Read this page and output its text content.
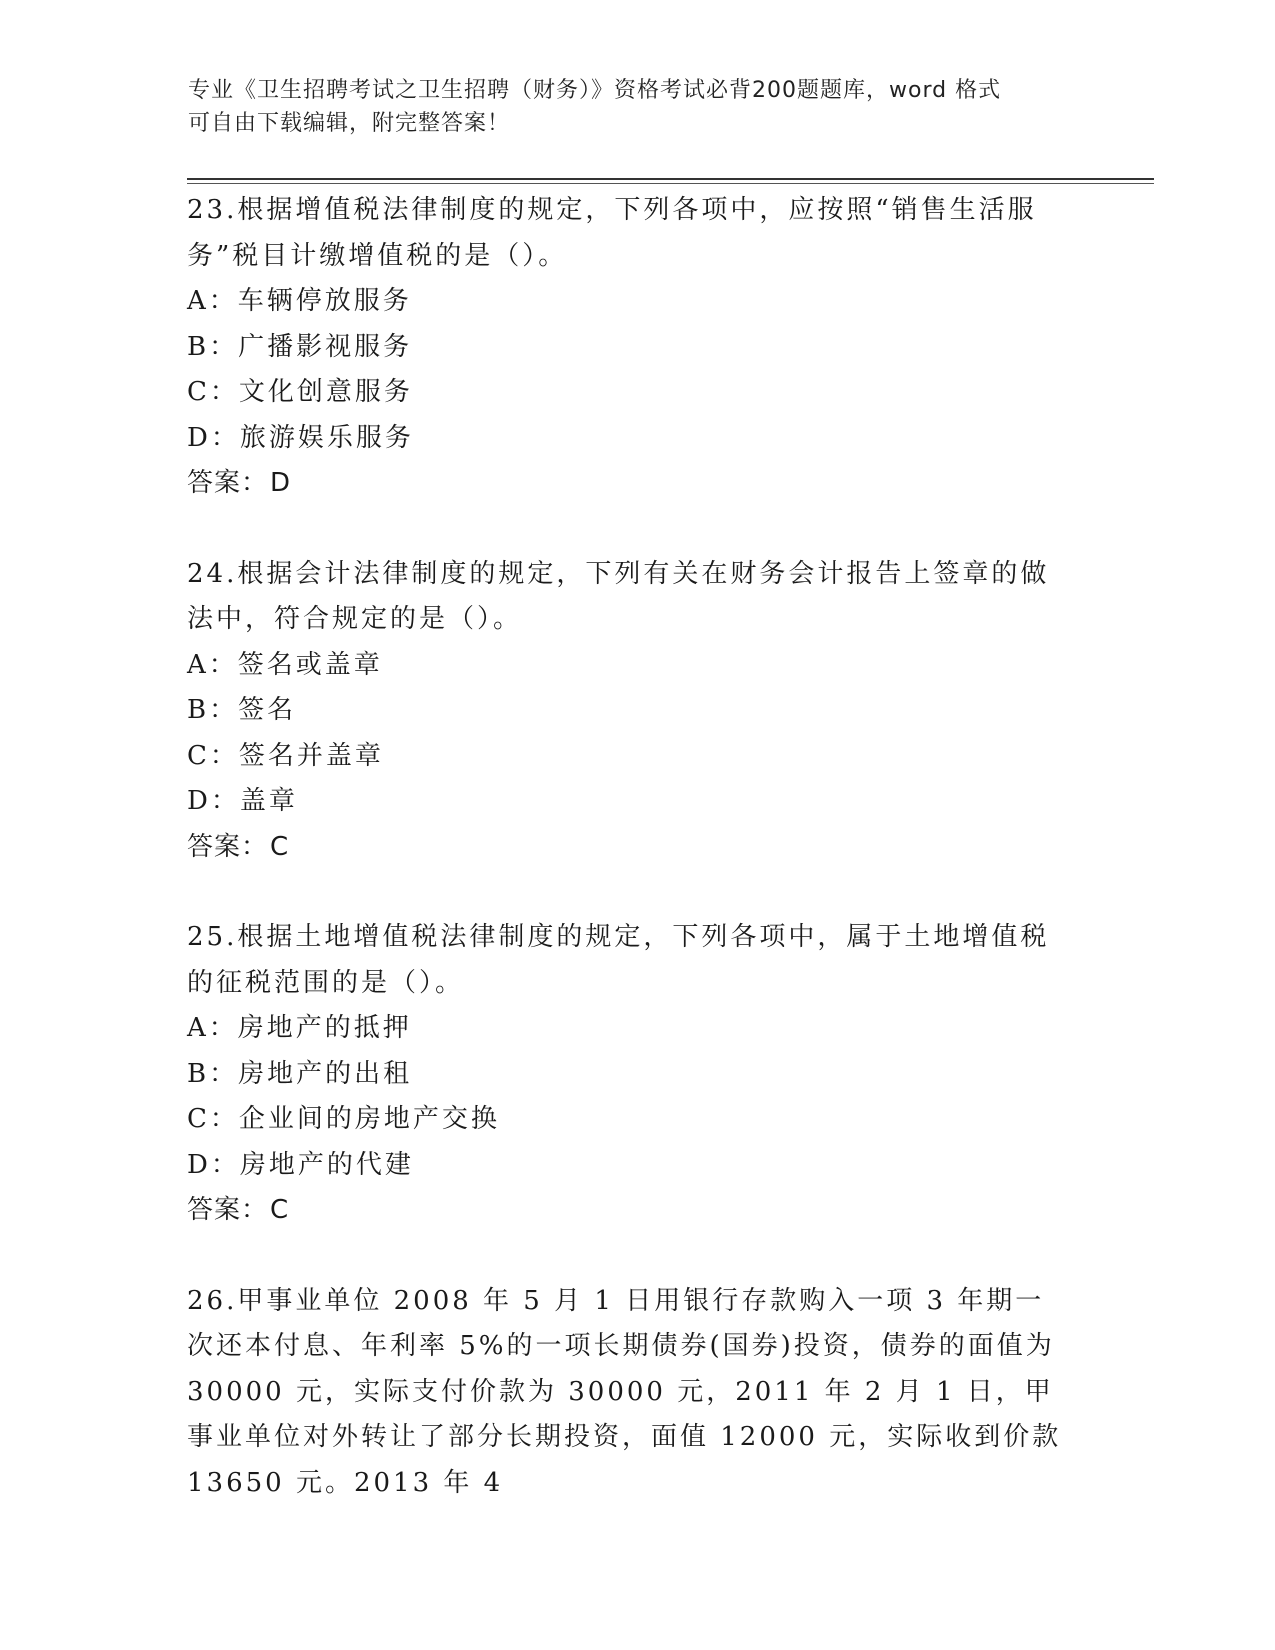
专业《卫生招聘考试之卫生招聘（财务）》资格考试必背200题题库，word 格式
可自由下载编辑，附完整答案！

23.根据增值税法律制度的规定，下列各项中，应按照“销售生活服务”税目计缴增值税的是（）。

A：车辆停放服务
B：广播影视服务
C：文化创意服务
D：旅游娱乐服务
答案：D

24.根据会计法律制度的规定，下列有关在财务会计报告上签章的做法中，符合规定的是（）。

A：签名或盖章
B：签名
C：签名并盖章
D：盖章
答案：C

25.根据土地增值税法律制度的规定，下列各项中，属于土地增值税的征税范围的是（）。

A：房地产的抵押
B：房地产的出租
C：企业间的房地产交换
D：房地产的代建
答案：C

26.甲事业单位 2008 年 5 月 1 日用银行存款购入一项 3 年期一次还本付息、年利率 5%的一项长期债券(国券)投资，债券的面值为 30000 元，实际支付价款为 30000 元，2011 年 2 月 1 日，甲事业单位对外转让了部分长期投资，面值 12000 元，实际收到价款 13650 元。2013 年 4
